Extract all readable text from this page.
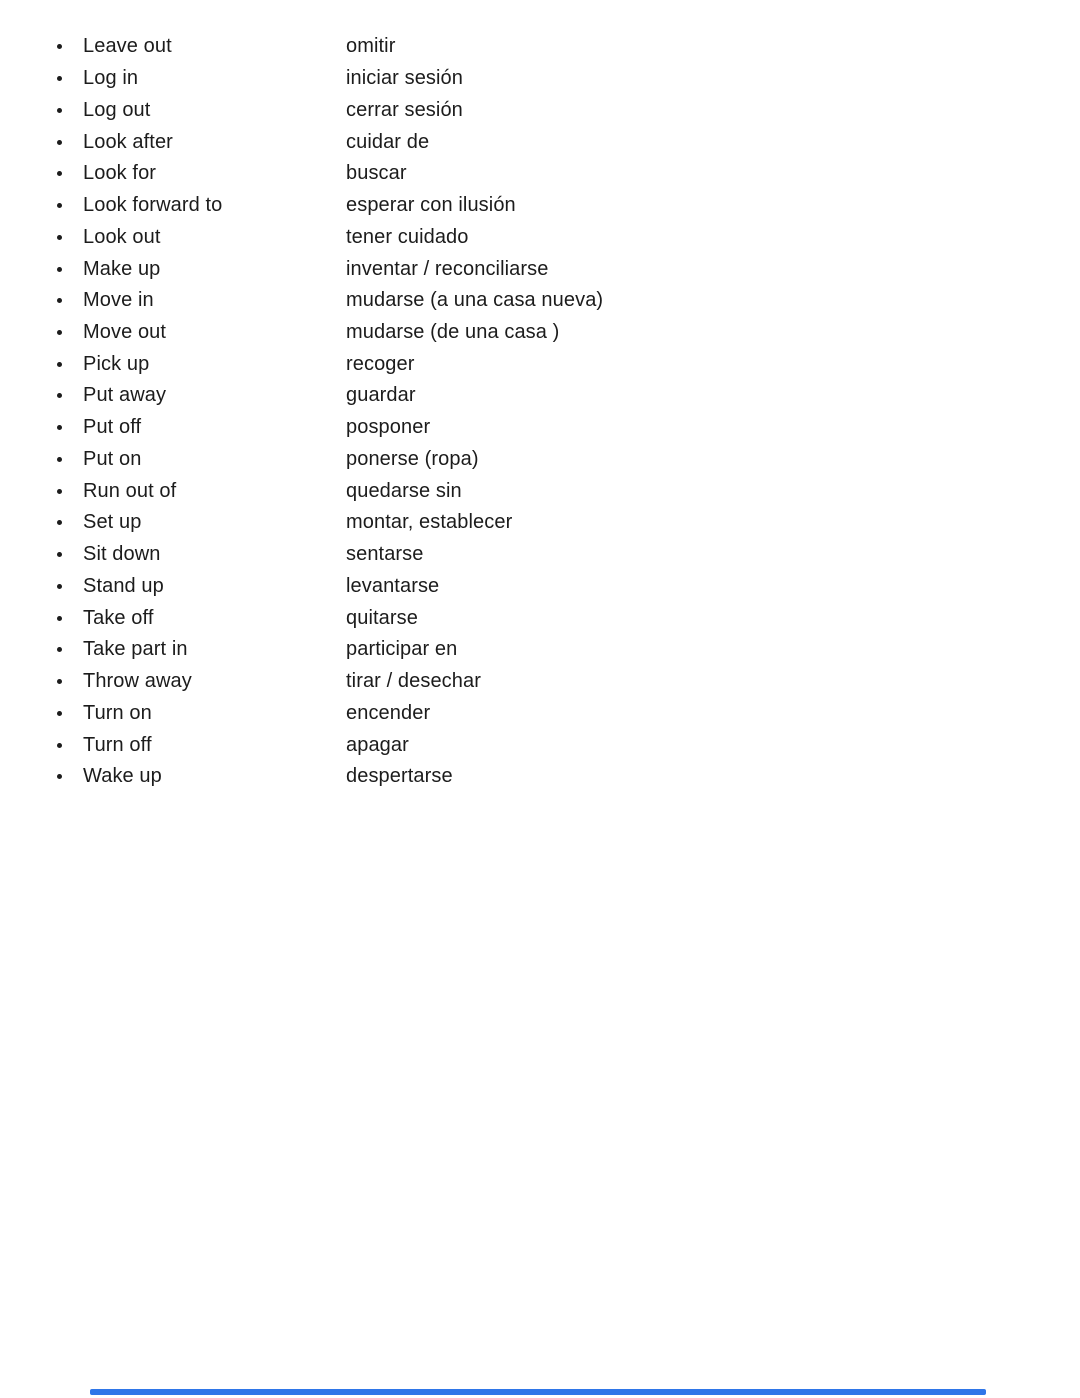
Leave out	omitir
Log in	iniciar sesión
Log out	cerrar sesión
Look after	cuidar de
Look for	buscar
Look forward to	esperar con ilusión
Look out	tener cuidado
Make up	inventar / reconciliarse
Move in	mudarse (a una casa nueva)
Move out	mudarse (de una casa )
Pick up	recoger
Put away	guardar
Put off	posponer
Put on	ponerse (ropa)
Run out of	quedarse sin
Set up	montar, establecer
Sit down	sentarse
Stand up	levantarse
Take off	quitarse
Take part in	participar en
Throw away	tirar / desechar
Turn on	encender
Turn off	apagar
Wake up	despertarse
